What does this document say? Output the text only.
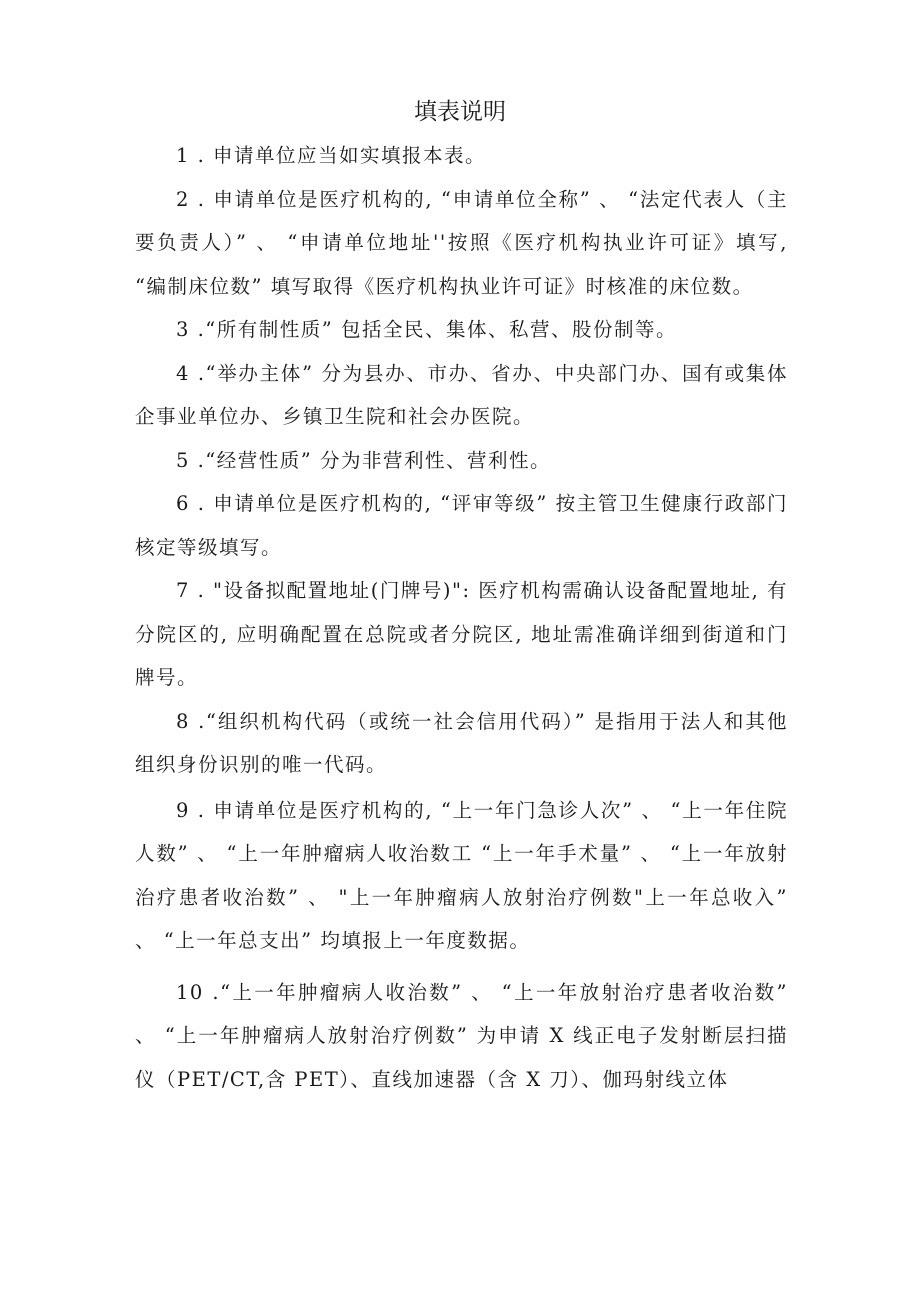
填表说明

1 . 申请单位应当如实填报本表。

2 . 申请单位是医疗机构的, “申请单位全称” 、 “法定代表人（主要负责人）” 、 “申请单位地址''按照《医疗机构执业许可证》填写, “编制床位数” 填写取得《医疗机构执业许可证》时核准的床位数。

3 .“所有制性质” 包括全民、集体、私营、股份制等。

4 .“举办主体” 分为县办、市办、省办、中央部门办、国有或集体企事业单位办、乡镇卫生院和社会办医院。

5 .“经营性质” 分为非营利性、营利性。

6 . 申请单位是医疗机构的, “评审等级” 按主管卫生健康行政部门核定等级填写。

7 . "设备拟配置地址(门牌号)": 医疗机构需确认设备配置地址, 有分院区的, 应明确配置在总院或者分院区, 地址需准确详细到街道和门牌号。

8 .“组织机构代码（或统一社会信用代码）” 是指用于法人和其他组织身份识别的唯一代码。

9 . 申请单位是医疗机构的, “上一年门急诊人次” 、 “上一年住院人数” 、 “上一年肿瘤病人收治数工 “上一年手术量” 、 “上一年放射治疗患者收治数” 、 "上一年肿瘤病人放射治疗例数"上一年总收入” 、 “上一年总支出” 均填报上一年度数据。

10 .“上一年肿瘤病人收治数” 、 “上一年放射治疗患者收治数” 、 “上一年肿瘤病人放射治疗例数” 为申请 X 线正电子发射断层扫描仪（PET/CT,含 PET）、直线加速器（含 X 刀）、伽玛射线立体
